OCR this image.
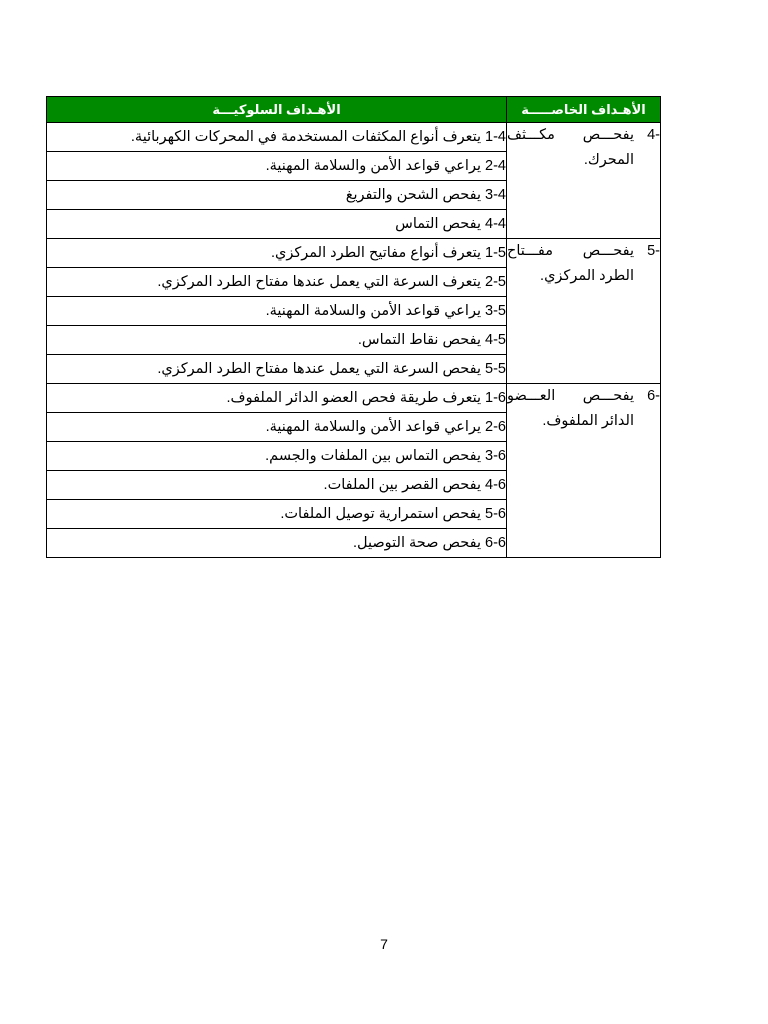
الأهـداف الخاصـــــة	الأهـداف السلوكيـــة

-4
يفحـــص مكـــثف المحرك.	1-4 يتعرف أنواع المكثفات المستخدمة في المحركات الكهربائية.
	2-4 يراعي قواعد الأمن والسلامة المهنية.
	3-4 يفحص الشحن والتفريغ
	4-4 يفحص التماس

-5
يفحـــص مفـــتاح الطرد المركزي.	1-5 يتعرف أنواع مفاتيح الطرد المركزي.
	2-5 يتعرف السرعة التي يعمل عندها مفتاح الطرد المركزي.
	3-5 يراعي قواعد الأمن والسلامة المهنية.
	4-5 يفحص نقاط التماس.
	5-5 يفحص السرعة التي يعمل عندها مفتاح الطرد المركزي.

-6
يفحـــص العـــضو الدائر الملفوف.	1-6 يتعرف طريقة فحص العضو الدائر الملفوف.
	2-6 يراعي قواعد الأمن والسلامة المهنية.
	3-6 يفحص التماس بين الملفات والجسم.
	4-6 يفحص القصر بين الملفات.
	5-6 يفحص استمرارية توصيل الملفات.
	6-6 يفحص صحة التوصيل.
7
